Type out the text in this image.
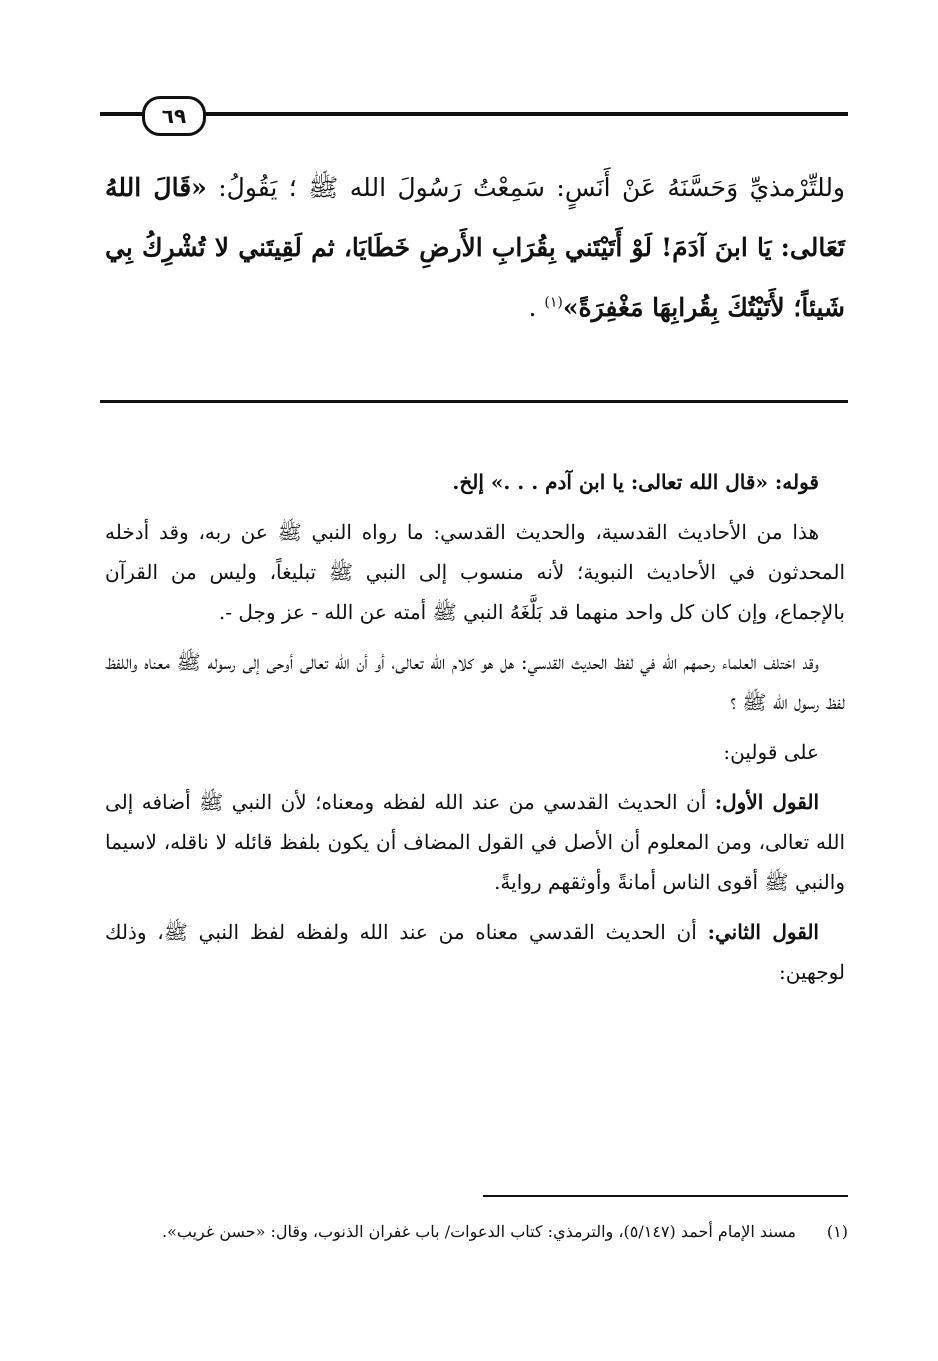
٦٩
وللتِّرْمذيِّ وَحَسَّنَهُ عَنْ أَنَسٍ: سَمِعْتُ رَسُولَ الله ﷺ ؛ يَقُولُ: «قَالَ اللهُ تَعَالى: يَا ابنَ آدَمَ! لَوْ أَتَيْتَني بِقُرَابِ الأَرضِ خَطَايَا، ثم لَقِيتَني لا تُشْرِكُ بِي شَيئاً؛ لأَتَيْتُكَ بِقُرابِهَا مَغْفِرَةً»$^{(١)}$ .

قوله: «قال الله تعالى: يا ابن آدم . . .» إلخ.

هذا من الأحاديث القدسية، والحديث القدسي: ما رواه النبي ﷺ عن ربه، وقد أدخله المحدثون في الأحاديث النبوية؛ لأنه منسوب إلى النبي ﷺ تبليغاً، وليس من القرآن بالإجماع، وإن كان كل واحد منهما قد بَلَّغَهُ النبي ﷺ أمته عن الله - عز وجل -.

وقد اختلف العلماء رحمهم الله في لفظ الحديث القدسي: هل هو كلام الله تعالى، أو أن الله تعالى أوحى إلى رسوله ﷺ معناه واللفظ لفظ رسول الله ﷺ ؟

على قولين:

القول الأول: أن الحديث القدسي من عند الله لفظه ومعناه؛ لأن النبي ﷺ أضافه إلى الله تعالى، ومن المعلوم أن الأصل في القول المضاف أن يكون بلفظ قائله لا ناقله، لاسيما والنبي ﷺ أقوى الناس أمانةً وأوثقهم روايةً.

القول الثاني: أن الحديث القدسي معناه من عند الله ولفظه لفظ النبي ﷺ، وذلك لوجهين:

(١)مسند الإمام أحمد (٥/١٤٧)، والترمذي: كتاب الدعوات/ باب غفران الذنوب، وقال: «حسن غريب».
